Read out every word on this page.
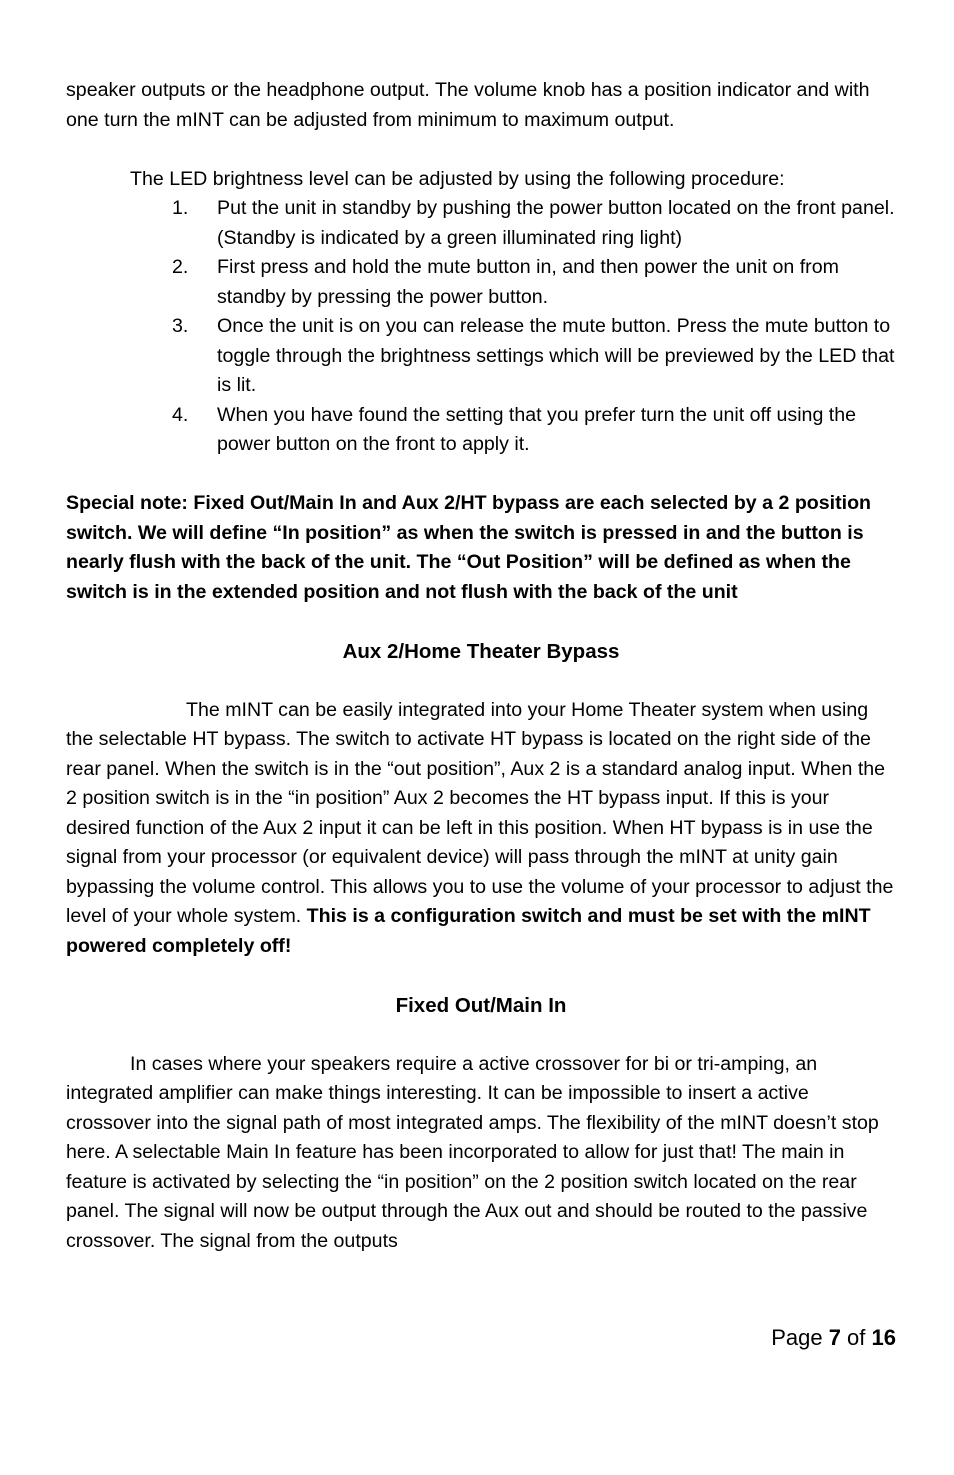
speaker outputs or the headphone output. The volume knob has a position indicator and with one turn the mINT can be adjusted from minimum to maximum output.

The LED brightness level can be adjusted by using the following procedure:

1. Put the unit in standby by pushing the power button located on the front panel. (Standby is indicated by a green illuminated ring light)
2. First press and hold the mute button in, and then power the unit on from standby by pressing the power button.
3. Once the unit is on you can release the mute button. Press the mute button to toggle through the brightness settings which will be previewed by the LED that is lit.
4. When you have found the setting that you prefer turn the unit off using the power button on the front to apply it.

Special note: Fixed Out/Main In and Aux 2/HT bypass are each selected by a 2 position switch. We will define “In position” as when the switch is pressed in and the button is nearly flush with the back of the unit. The “Out Position” will be defined as when the switch is in the extended position and not flush with the back of the unit

Aux 2/Home Theater Bypass

The mINT can be easily integrated into your Home Theater system when using the selectable HT bypass. The switch to activate HT bypass is located on the right side of the rear panel. When the switch is in the “out position”, Aux 2 is a standard analog input. When the 2 position switch is in the “in position” Aux 2 becomes the HT bypass input. If this is your desired function of the Aux 2 input it can be left in this position. When HT bypass is in use the signal from your processor (or equivalent device) will pass through the mINT at unity gain bypassing the volume control. This allows you to use the volume of your processor to adjust the level of your whole system. This is a configuration switch and must be set with the mINT powered completely off!

Fixed Out/Main In

In cases where your speakers require a active crossover for bi or tri-amping, an integrated amplifier can make things interesting. It can be impossible to insert a active crossover into the signal path of most integrated amps. The flexibility of the mINT doesn’t stop here. A selectable Main In feature has been incorporated to allow for just that! The main in feature is activated by selecting the “in position” on the 2 position switch located on the rear panel. The signal will now be output through the Aux out and should be routed to the passive crossover. The signal from the outputs

Page 7 of 16
